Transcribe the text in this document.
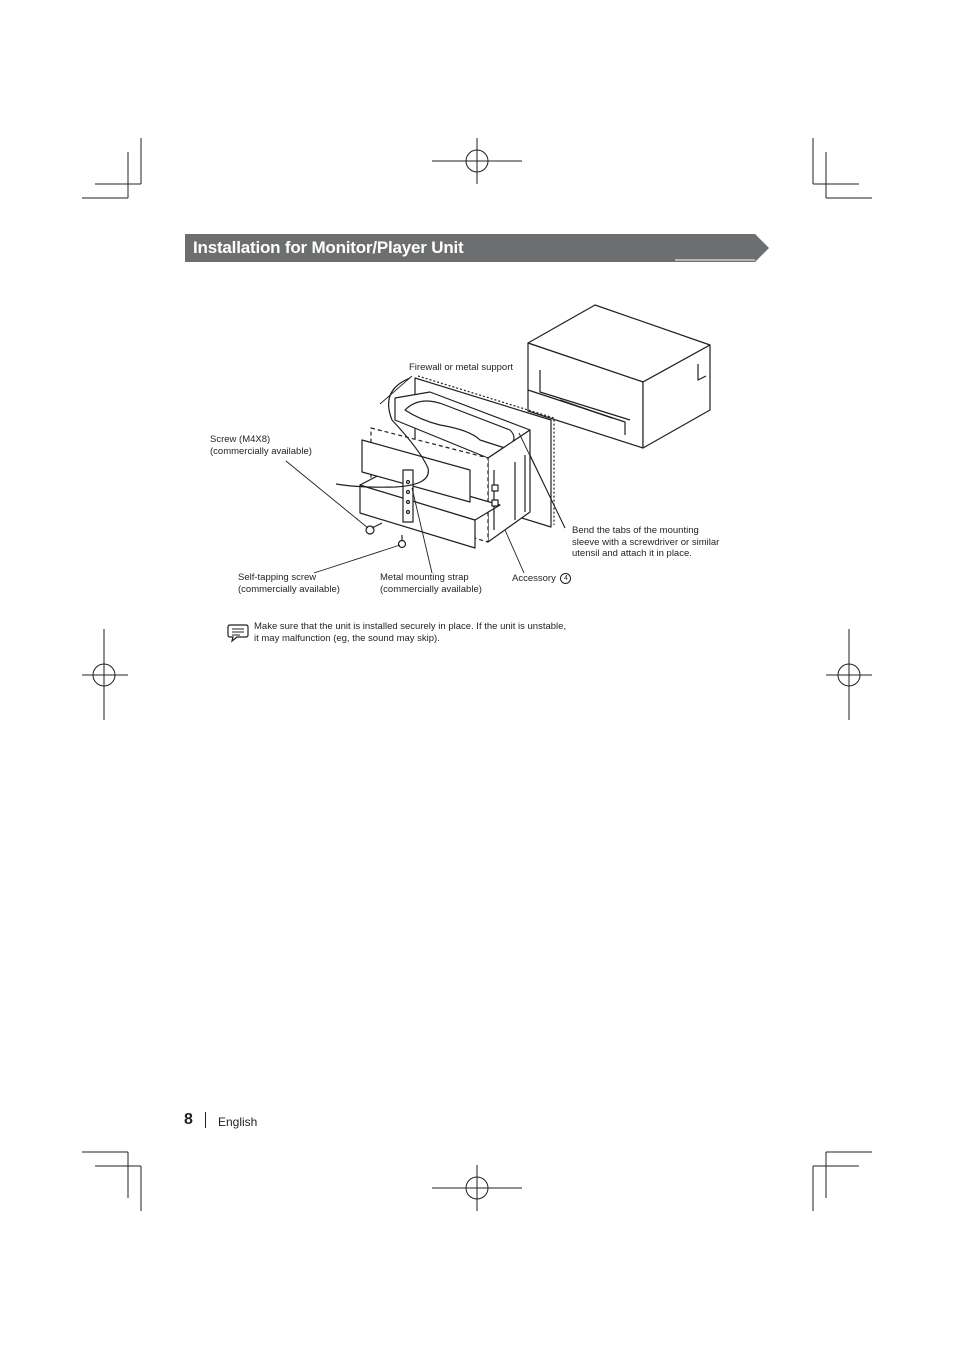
Installation for Monitor/Player Unit
Firewall or metal support
Screw (M4X8)
(commercially available)
Bend the tabs of the mounting
sleeve with a screwdriver or similar
utensil and attach it in place.
Self-tapping screw
(commercially available)
Metal mounting strap
(commercially available)
Accessory 4
Make sure that the unit is installed securely in place. If the unit is unstable,
it may malfunction (eg, the sound may skip).
8 English
